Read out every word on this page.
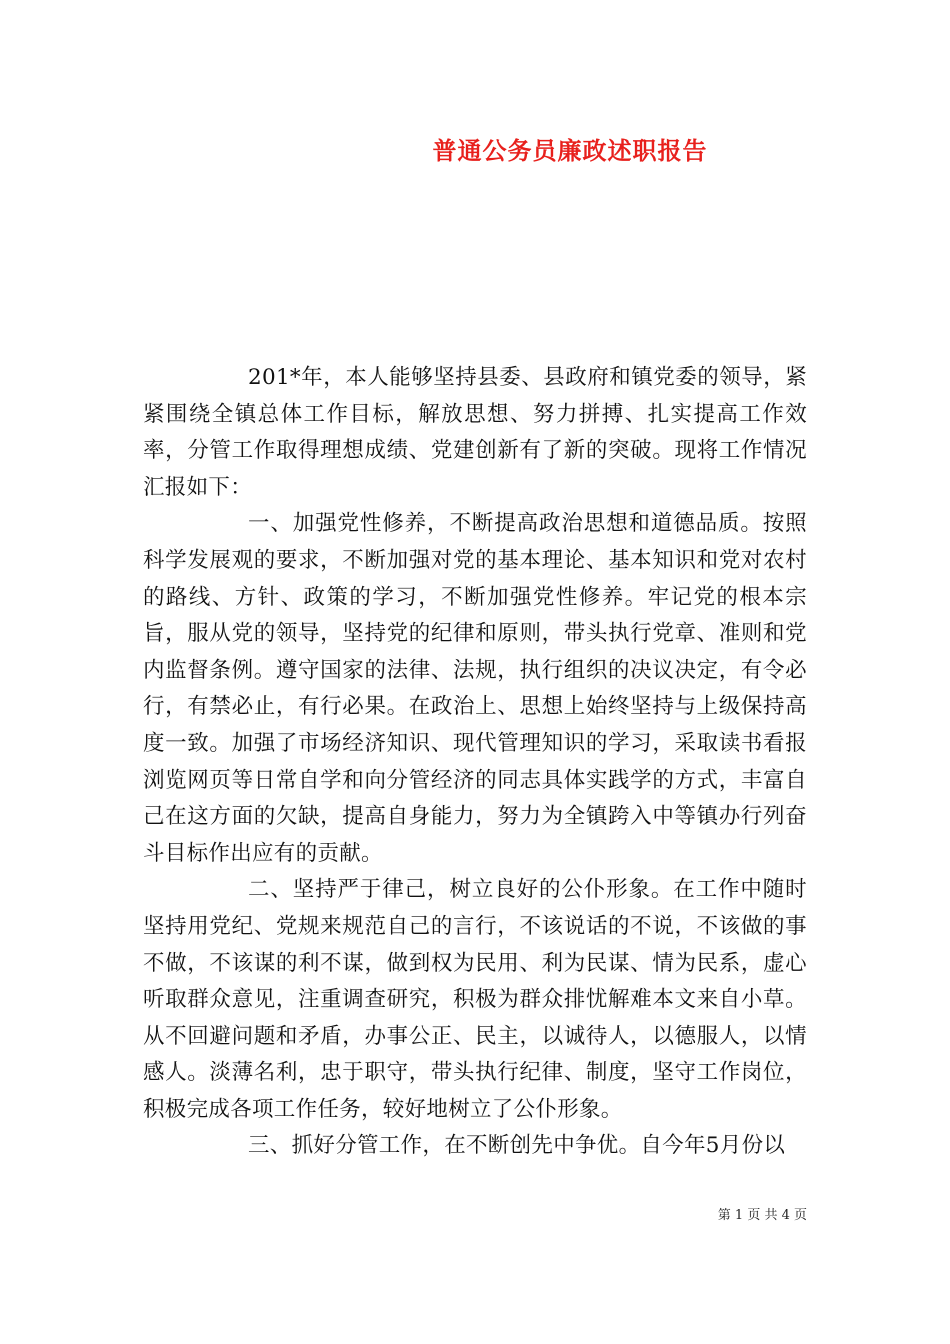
普通公务员廉政述职报告

201*年，本人能够坚持县委、县政府和镇党委的领导，紧紧围绕全镇总体工作目标，解放思想、努力拼搏、扎实提高工作效率，分管工作取得理想成绩、党建创新有了新的突破。现将工作情况汇报如下：

一、加强党性修养，不断提高政治思想和道德品质。按照科学发展观的要求，不断加强对党的基本理论、基本知识和党对农村的路线、方针、政策的学习，不断加强党性修养。牢记党的根本宗旨，服从党的领导，坚持党的纪律和原则，带头执行党章、准则和党内监督条例。遵守国家的法律、法规，执行组织的决议决定，有令必行，有禁必止，有行必果。在政治上、思想上始终坚持与上级保持高度一致。加强了市场经济知识、现代管理知识的学习，采取读书看报浏览网页等日常自学和向分管经济的同志具体实践学的方式，丰富自己在这方面的欠缺，提高自身能力，努力为全镇跨入中等镇办行列奋斗目标作出应有的贡献。

二、坚持严于律己，树立良好的公仆形象。在工作中随时坚持用党纪、党规来规范自己的言行，不该说话的不说，不该做的事不做，不该谋的利不谋，做到权为民用、利为民谋、情为民系，虚心听取群众意见，注重调查研究，积极为群众排忧解难本文来自小草。从不回避问题和矛盾，办事公正、民主，以诚待人，以德服人，以情感人。淡薄名利，忠于职守，带头执行纪律、制度，坚守工作岗位，积极完成各项工作任务，较好地树立了公仆形象。

三、抓好分管工作，在不断创先中争优。自今年5月份以

第 1 页 共 4 页
